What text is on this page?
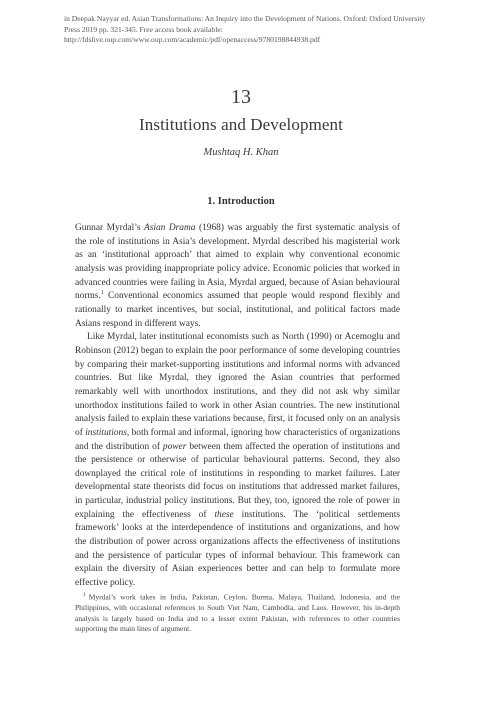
in Deepak Nayyar ed. Asian Transformations: An Inquiry into the Development of Nations. Oxford: Oxford University Press 2019 pp. 321-345. Free access book available: http://fdslive.oup.com/www.oup.com/academic/pdf/openaccess/9780198844938.pdf
13
Institutions and Development
Mushtaq H. Khan
1. Introduction

Gunnar Myrdal’s Asian Drama (1968) was arguably the first systematic analysis of the role of institutions in Asia’s development. Myrdal described his magisterial work as an ‘institutional approach’ that aimed to explain why conventional economic analysis was providing inappropriate policy advice. Economic policies that worked in advanced countries were failing in Asia, Myrdal argued, because of Asian behavioural norms.$^1$ Conventional economics assumed that people would respond flexibly and rationally to market incentives, but social, institutional, and political factors made Asians respond in different ways.

Like Myrdal, later institutional economists such as North (1990) or Acemoglu and Robinson (2012) began to explain the poor performance of some developing countries by comparing their market-supporting institutions and informal norms with advanced countries. But like Myrdal, they ignored the Asian countries that performed remarkably well with unorthodox institutions, and they did not ask why similar unorthodox institutions failed to work in other Asian countries. The new institutional analysis failed to explain these variations because, first, it focused only on an analysis of institutions, both formal and informal, ignoring how characteristics of organizations and the distribution of power between them affected the operation of institutions and the persistence or otherwise of particular behavioural patterns. Second, they also downplayed the critical role of institutions in responding to market failures. Later developmental state theorists did focus on institutions that addressed market failures, in particular, industrial policy institutions. But they, too, ignored the role of power in explaining the effectiveness of these institutions. The ‘political settlements framework’ looks at the interdependence of institutions and organizations, and how the distribution of power across organizations affects the effectiveness of institutions and the persistence of particular types of informal behaviour. This framework can explain the diversity of Asian experiences better and can help to formulate more effective policy.

$^1$ Myrdal’s work takes in India, Pakistan, Ceylon, Burma, Malaya, Thailand, Indonesia, and the Philippines, with occasional references to South Viet Nam, Cambodia, and Laos. However, his in-depth analysis is largely based on India and to a lesser extent Pakistan, with references to other countries supporting the main lines of argument.
